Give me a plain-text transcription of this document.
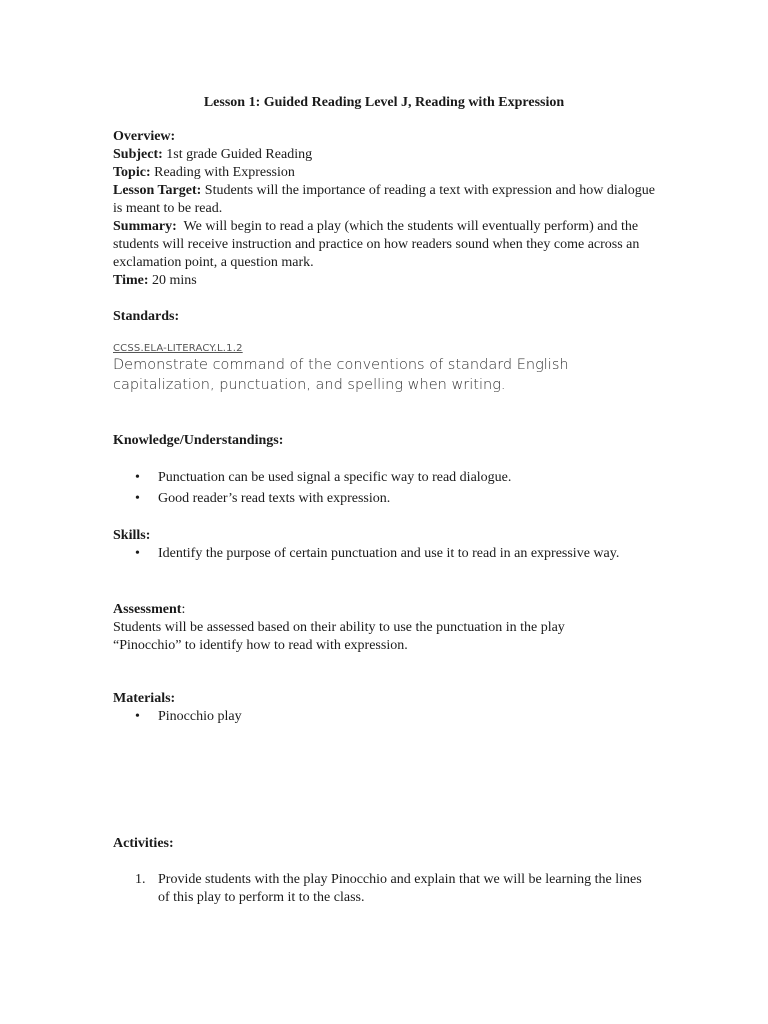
Lesson 1: Guided Reading Level J, Reading with Expression
Overview:
Subject: 1st grade Guided Reading
Topic: Reading with Expression
Lesson Target: Students will the importance of reading a text with expression and how dialogue is meant to be read.
Summary:  We will begin to read a play (which the students will eventually perform) and the students will receive instruction and practice on how readers sound when they come across an exclamation point, a question mark.
Time: 20 mins
Standards:
CCSS.ELA-LITERACY.L.1.2
Demonstrate command of the conventions of standard English capitalization, punctuation, and spelling when writing.
Knowledge/Understandings:
• Punctuation can be used signal a specific way to read dialogue.
• Good reader’s read texts with expression.
Skills:
• Identify the purpose of certain punctuation and use it to read in an expressive way.
Assessment:
Students will be assessed based on their ability to use the punctuation in the play “Pinocchio” to identify how to read with expression.
Materials:
• Pinocchio play
Activities:
1. Provide students with the play Pinocchio and explain that we will be learning the lines of this play to perform it to the class.
